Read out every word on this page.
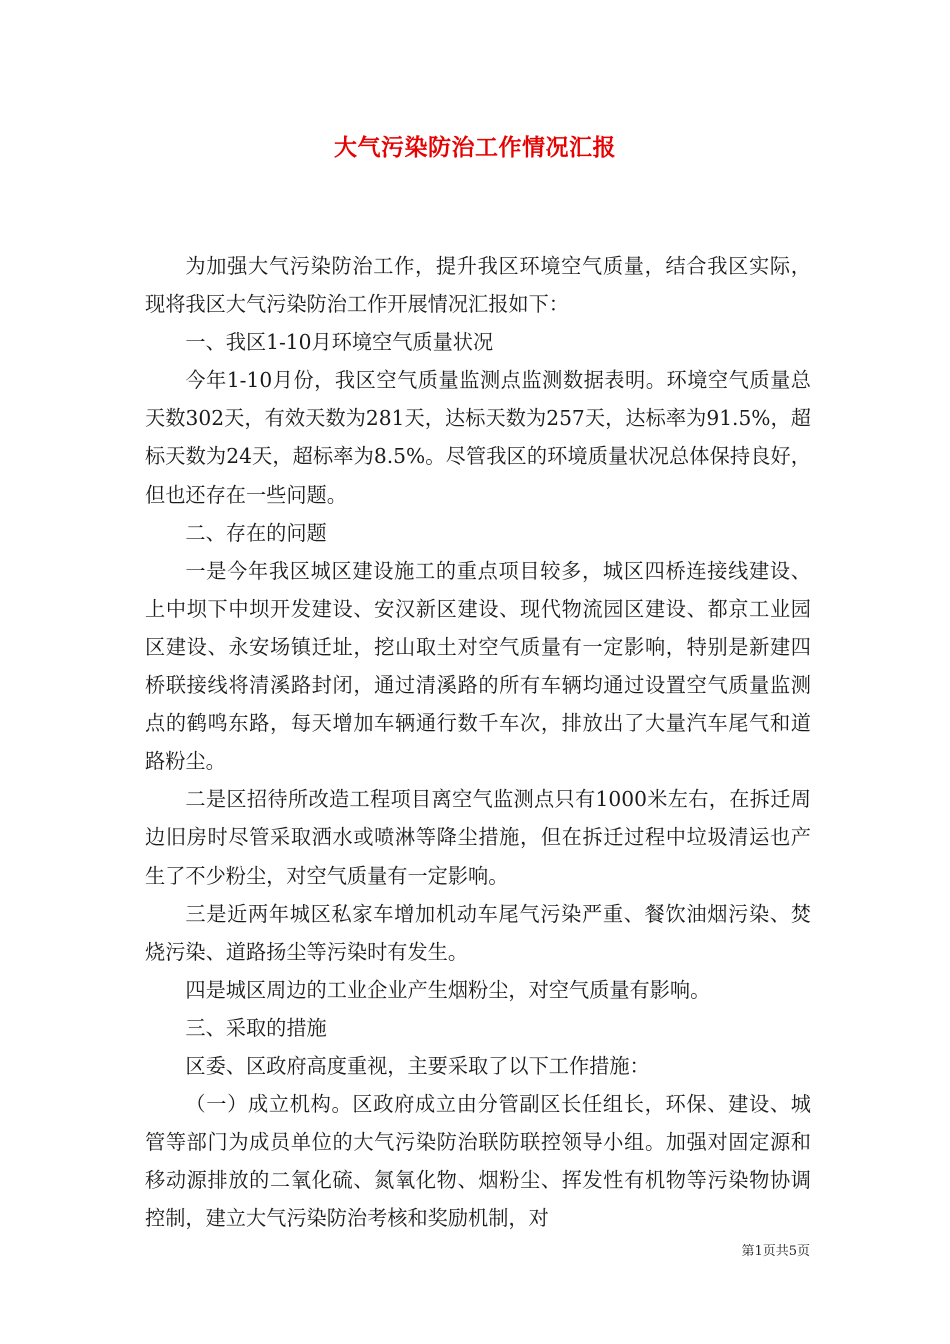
大气污染防治工作情况汇报

为加强大气污染防治工作，提升我区环境空气质量，结合我区实际，现将我区大气污染防治工作开展情况汇报如下：

一、我区1-10月环境空气质量状况

今年1-10月份，我区空气质量监测点监测数据表明。环境空气质量总天数302天，有效天数为281天，达标天数为257天，达标率为91.5%，超标天数为24天，超标率为8.5%。尽管我区的环境质量状况总体保持良好，但也还存在一些问题。

二、存在的问题

一是今年我区城区建设施工的重点项目较多，城区四桥连接线建设、上中坝下中坝开发建设、安汉新区建设、现代物流园区建设、都京工业园区建设、永安场镇迁址，挖山取土对空气质量有一定影响，特别是新建四桥联接线将清溪路封闭，通过清溪路的所有车辆均通过设置空气质量监测点的鹤鸣东路，每天增加车辆通行数千车次，排放出了大量汽车尾气和道路粉尘。

二是区招待所改造工程项目离空气监测点只有1000米左右，在拆迁周边旧房时尽管采取洒水或喷淋等降尘措施，但在拆迁过程中垃圾清运也产生了不少粉尘，对空气质量有一定影响。

三是近两年城区私家车增加机动车尾气污染严重、餐饮油烟污染、焚烧污染、道路扬尘等污染时有发生。

四是城区周边的工业企业产生烟粉尘，对空气质量有影响。

三、采取的措施

区委、区政府高度重视，主要采取了以下工作措施：

（一）成立机构。区政府成立由分管副区长任组长，环保、建设、城管等部门为成员单位的大气污染防治联防联控领导小组。加强对固定源和移动源排放的二氧化硫、氮氧化物、烟粉尘、挥发性有机物等污染物协调控制，建立大气污染防治考核和奖励机制，对

第1页共5页
